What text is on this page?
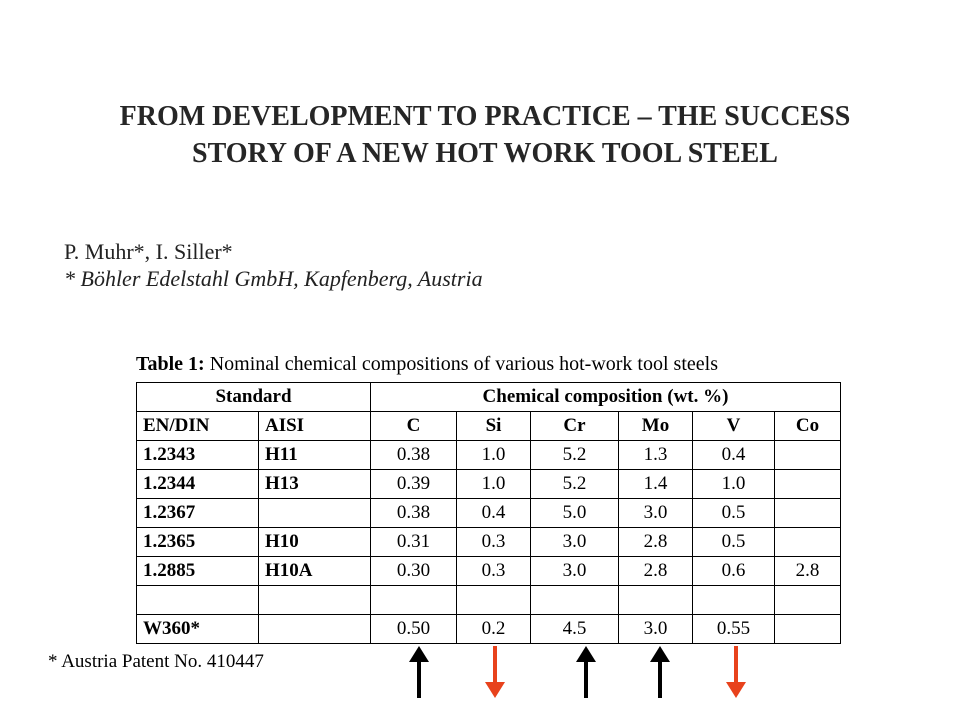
FROM DEVELOPMENT TO PRACTICE – THE SUCCESS
STORY OF A NEW HOT WORK TOOL STEEL
P. Muhr*, I. Siller*
* Böhler Edelstahl GmbH, Kapfenberg, Austria
Table 1: Nominal chemical compositions of various hot-work tool steels
Standard		Chemical composition (wt. %)					
EN/DIN	AISI	C	Si	Cr	Mo	V	Co
1.2343	H11	0.38	1.0	5.2	1.3	0.4	
1.2344	H13	0.39	1.0	5.2	1.4	1.0	
1.2367		0.38	0.4	5.0	3.0	0.5	
1.2365	H10	0.31	0.3	3.0	2.8	0.5	
1.2885	H10A	0.30	0.3	3.0	2.8	0.6	2.8

W360*		0.50	0.2	4.5	3.0	0.55	
* Austria Patent No. 410447
